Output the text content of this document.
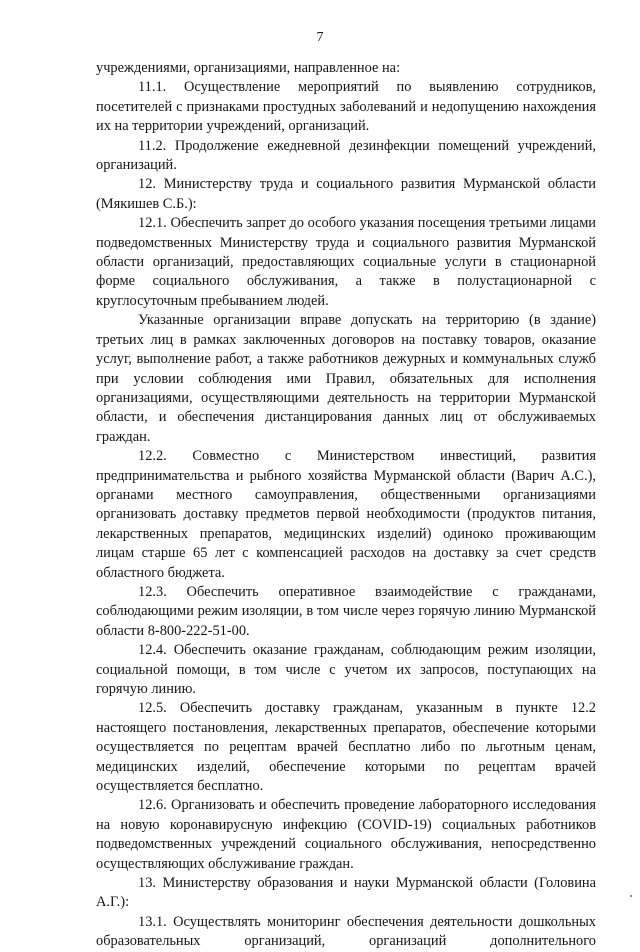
7

учреждениями, организациями, направленное на:

11.1. Осуществление мероприятий по выявлению сотрудников, посетителей с признаками простудных заболеваний и недопущению нахождения их на территории учреждений, организаций.

11.2. Продолжение ежедневной дезинфекции помещений учреждений, организаций.

12. Министерству труда и социального развития Мурманской области (Мякишев С.Б.):

12.1. Обеспечить запрет до особого указания посещения третьими лицами подведомственных Министерству труда и социального развития Мурманской области организаций, предоставляющих социальные услуги в стационарной форме социального обслуживания, а также в полустационарной с круглосуточным пребыванием людей.

Указанные организации вправе допускать на территорию (в здание) третьих лиц в рамках заключенных договоров на поставку товаров, оказание услуг, выполнение работ, а также работников дежурных и коммунальных служб при условии соблюдения ими Правил, обязательных для исполнения организациями, осуществляющими деятельность на территории Мурманской области, и обеспечения дистанцирования данных лиц от обслуживаемых граждан.

12.2. Совместно с Министерством инвестиций, развития предпринимательства и рыбного хозяйства Мурманской области (Варич А.С.), органами местного самоуправления, общественными организациями организовать доставку предметов первой необходимости (продуктов питания, лекарственных препаратов, медицинских изделий) одиноко проживающим лицам старше 65 лет с компенсацией расходов на доставку за счет средств областного бюджета.

12.3. Обеспечить оперативное взаимодействие с гражданами, соблюдающими режим изоляции, в том числе через горячую линию Мурманской области 8-800-222-51-00.

12.4. Обеспечить оказание гражданам, соблюдающим режим изоляции, социальной помощи, в том числе с учетом их запросов, поступающих на горячую линию.

12.5. Обеспечить доставку гражданам, указанным в пункте 12.2 настоящего постановления, лекарственных препаратов, обеспечение которыми осуществляется по рецептам врачей бесплатно либо по льготным ценам, медицинских изделий, обеспечение которыми по рецептам врачей осуществляется бесплатно.

12.6. Организовать и обеспечить проведение лабораторного исследования на новую коронавирусную инфекцию (COVID-19) социальных работников подведомственных учреждений социального обслуживания, непосредственно осуществляющих обслуживание граждан.

13. Министерству образования и науки Мурманской области (Головина А.Г.):

13.1. Осуществлять мониторинг обеспечения деятельности дошкольных образовательных организаций, организаций дополнительного
